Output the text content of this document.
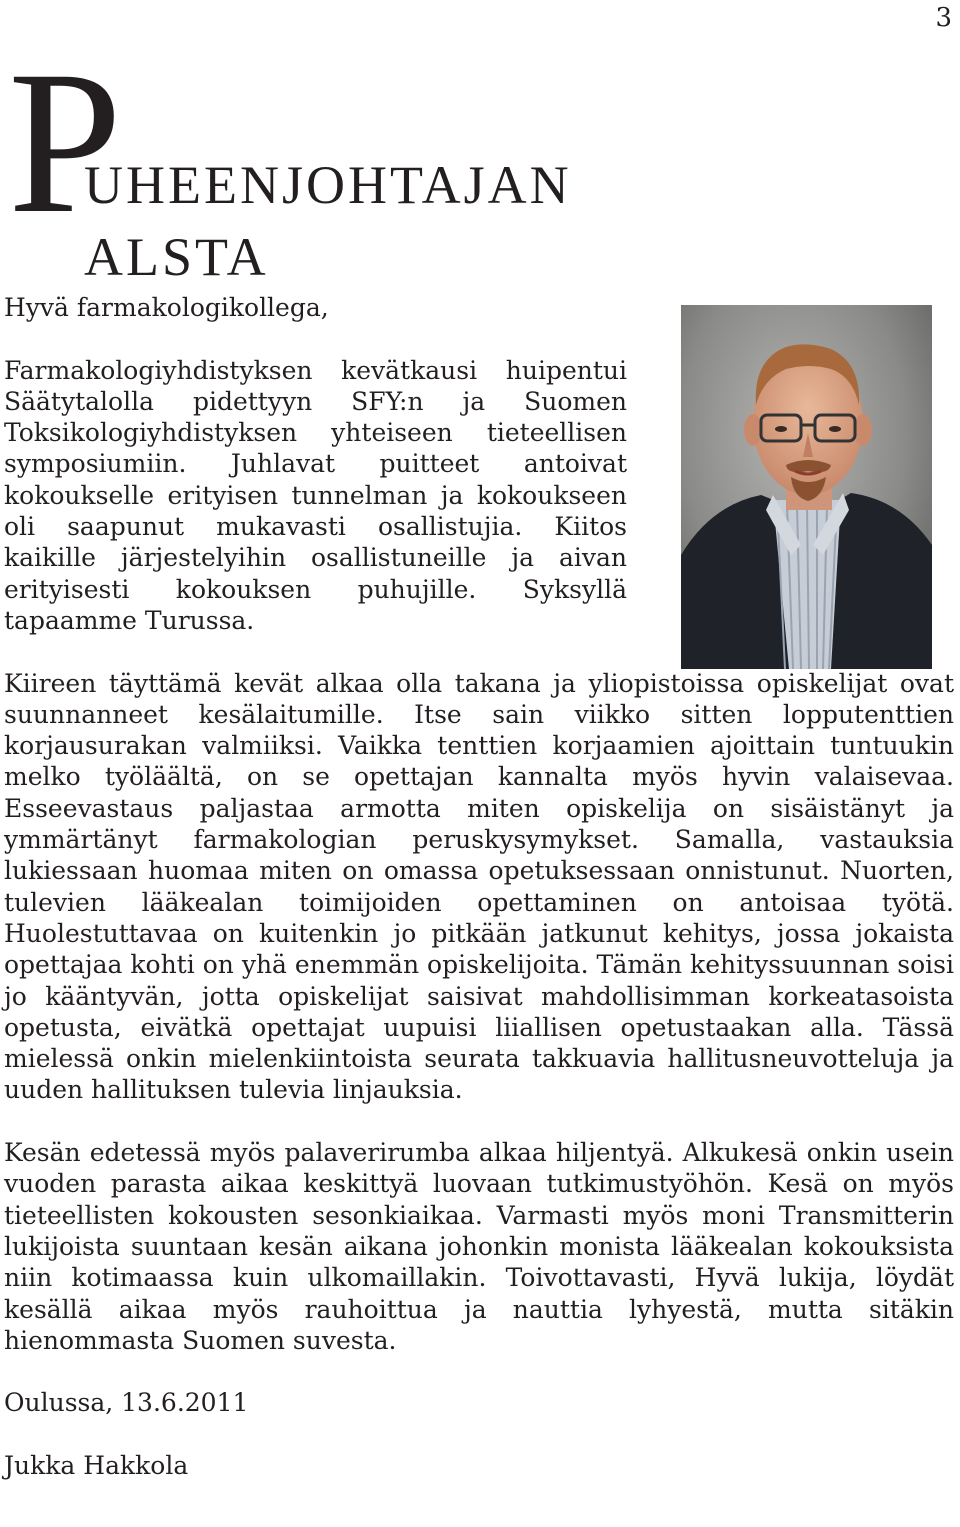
3
P
UHEENJOHTAJAN
ALSTA

Hyvä farmakologikollega,

Farmakologiyhdistyksen kevätkausi huipentui Säätytalolla pidettyyn SFY:n ja Suomen Toksikologiyhdistyksen yhteiseen tieteellisen symposiumiin. Juhlavat puitteet antoivat kokoukselle erityisen tunnelman ja kokoukseen oli saapunut mukavasti osallistujia. Kiitos kaikille järjestelyihin osallistuneille ja aivan erityisesti kokouksen puhujille. Syksyllä tapaamme Turussa.

Kiireen täyttämä kevät alkaa olla takana ja yliopistoissa opiskelijat ovat suunnanneet kesälaitumille. Itse sain viikko sitten lopputenttien korjausurakan valmiiksi. Vaikka tenttien korjaamien ajoittain tuntuukin melko työläältä, on se opettajan kannalta myös hyvin valaisevaa. Esseevastaus paljastaa armotta miten opiskelija on sisäistänyt ja ymmärtänyt farmakologian peruskysymykset. Samalla, vastauksia lukiessaan huomaa miten on omassa opetuksessaan onnistunut. Nuorten, tulevien lääkealan toimijoiden opettaminen on antoisaa työtä. Huolestuttavaa on kuitenkin jo pitkään jatkunut kehitys, jossa jokaista opettajaa kohti on yhä enemmän opiskelijoita. Tämän kehityssuunnan soisi jo kääntyvän, jotta opiskelijat saisivat mahdollisimman korkeatasoista opetusta, eivätkä opettajat uupuisi liiallisen opetustaakan alla. Tässä mielessä onkin mielenkiintoista seurata takkuavia hallitusneuvotteluja ja uuden hallituksen tulevia linjauksia.

Kesän edetessä myös palaverirumba alkaa hiljentyä. Alkukesä onkin usein vuoden parasta aikaa keskittyä luovaan tutkimustyöhön. Kesä on myös tieteellisten kokousten sesonkiaikaa. Varmasti myös moni Transmitterin lukijoista suuntaan kesän aikana johonkin monista lääkealan kokouksista niin kotimaassa kuin ulkomaillakin. Toivottavasti, Hyvä lukija, löydät kesällä aikaa myös rauhoittua ja nauttia lyhyestä, mutta sitäkin hienommasta Suomen suvesta.

Oulussa, 13.6.2011

Jukka Hakkola
